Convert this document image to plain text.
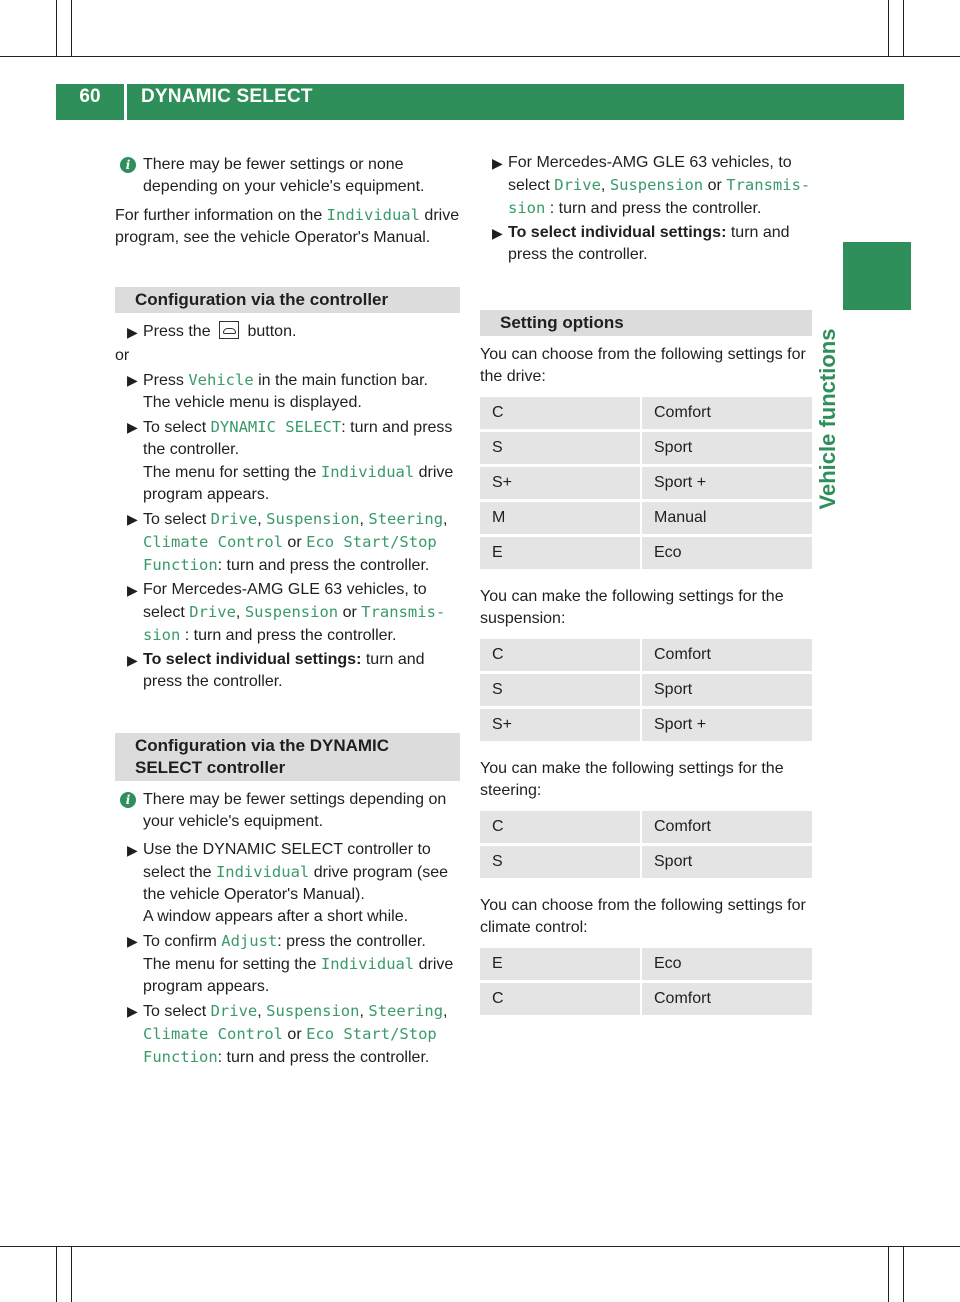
60	DYNAMIC SELECT
Vehicle functions

i There may be fewer settings or none depending on your vehicle's equipment.

For further information on the Individual drive program, see the vehicle Operator's Manual.

Configuration via the controller

▶ Press the  button.

or

▶ Press Vehicle in the main function bar.
The vehicle menu is displayed.

▶ To select DYNAMIC SELECT: turn and press the controller.
The menu for setting the Individual drive program appears.

▶ To select Drive, Suspension, Steering,
Climate Control or Eco Start/Stop
Function: turn and press the controller.

▶ For Mercedes-AMG GLE 63 vehicles, to select Drive, Suspension or Transmis-
sion : turn and press the controller.

▶ To select individual settings: turn and press the controller.

Configuration via the DYNAMIC SELECT controller

i There may be fewer settings depending on your vehicle's equipment.

▶ Use the DYNAMIC SELECT controller to select the Individual drive program (see the vehicle Operator's Manual).
A window appears after a short while.

▶ To confirm Adjust: press the controller.
The menu for setting the Individual drive program appears.

▶ To select Drive, Suspension, Steering,
Climate Control or Eco Start/Stop
Function: turn and press the controller.

▶ For Mercedes-AMG GLE 63 vehicles, to select Drive, Suspension or Transmis-
sion : turn and press the controller.

▶ To select individual settings: turn and press the controller.

Setting options

You can choose from the following settings for the drive:

C		Comfort
S		Sport
S+		Sport +
M		Manual
E		Eco

You can make the following settings for the suspension:

C		Comfort
S		Sport
S+		Sport +

You can make the following settings for the steering:

C		Comfort
S		Sport

You can choose from the following settings for climate control:

E		Eco
C		Comfort
